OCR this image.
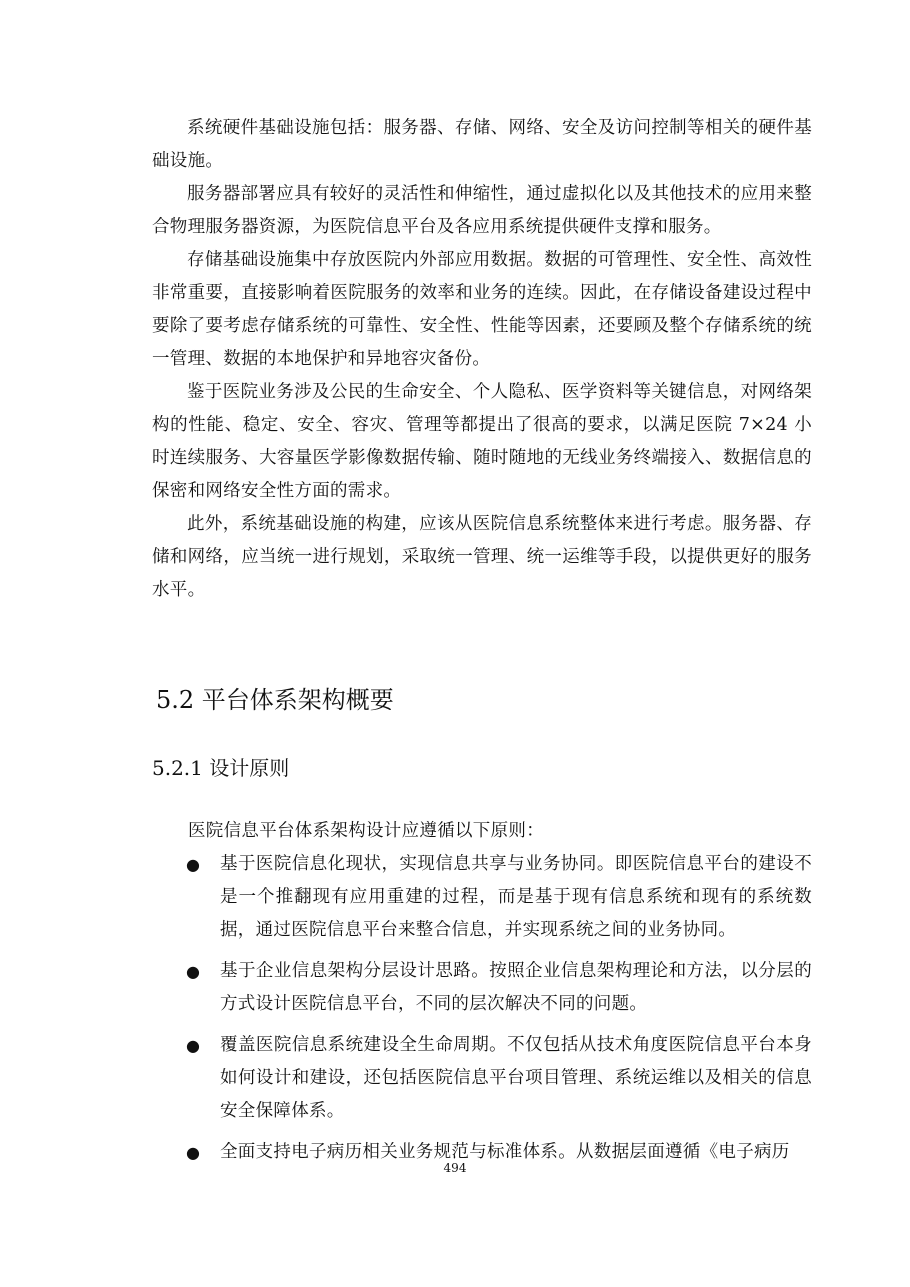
系统硬件基础设施包括：服务器、存储、网络、安全及访问控制等相关的硬件基础设施。

服务器部署应具有较好的灵活性和伸缩性，通过虚拟化以及其他技术的应用来整合物理服务器资源，为医院信息平台及各应用系统提供硬件支撑和服务。

存储基础设施集中存放医院内外部应用数据。数据的可管理性、安全性、高效性非常重要，直接影响着医院服务的效率和业务的连续。因此，在存储设备建设过程中要除了要考虑存储系统的可靠性、安全性、性能等因素，还要顾及整个存储系统的统一管理、数据的本地保护和异地容灾备份。

鉴于医院业务涉及公民的生命安全、个人隐私、医学资料等关键信息，对网络架构的性能、稳定、安全、容灾、管理等都提出了很高的要求，以满足医院 7×24 小时连续服务、大容量医学影像数据传输、随时随地的无线业务终端接入、数据信息的保密和网络安全性方面的需求。

此外，系统基础设施的构建，应该从医院信息系统整体来进行考虑。服务器、存储和网络，应当统一进行规划，采取统一管理、统一运维等手段，以提供更好的服务水平。

5.2 平台体系架构概要
5.2.1 设计原则

医院信息平台体系架构设计应遵循以下原则：

● 基于医院信息化现状，实现信息共享与业务协同。即医院信息平台的建设不是一个推翻现有应用重建的过程，而是基于现有信息系统和现有的系统数据，通过医院信息平台来整合信息，并实现系统之间的业务协同。
● 基于企业信息架构分层设计思路。按照企业信息架构理论和方法，以分层的方式设计医院信息平台，不同的层次解决不同的问题。
● 覆盖医院信息系统建设全生命周期。不仅包括从技术角度医院信息平台本身如何设计和建设，还包括医院信息平台项目管理、系统运维以及相关的信息安全保障体系。
● 全面支持电子病历相关业务规范与标准体系。从数据层面遵循《电子病历

494
